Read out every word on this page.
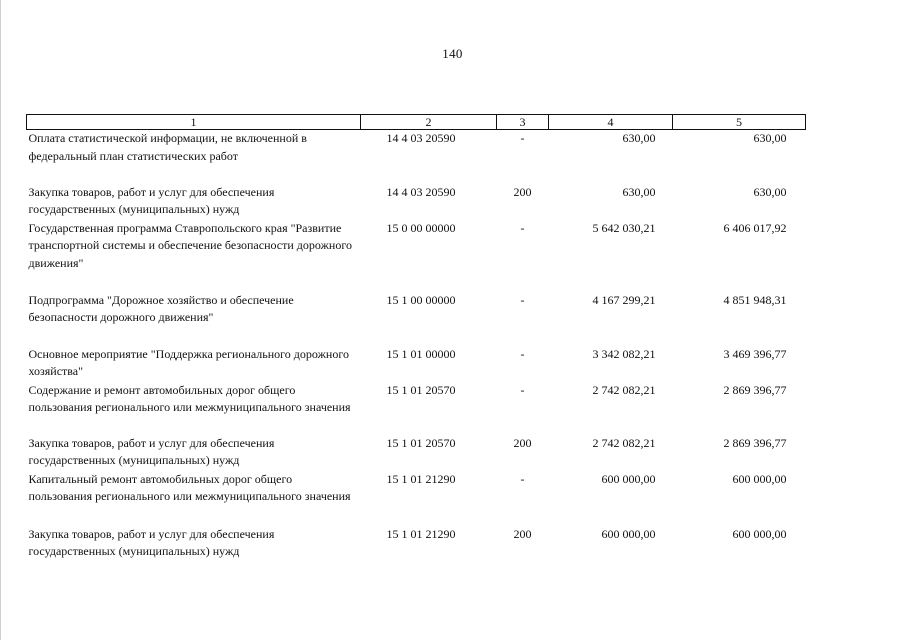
140
1	2	3	4	5
Оплата статистической информации, не включенной в федеральный план статистических работ	14 4 03 20590	-	630,00	630,00
Закупка товаров, работ и услуг для обеспечения государственных (муниципальных) нужд	14 4 03 20590	200	630,00	630,00
Государственная программа Ставропольского края "Развитие транспортной системы и обеспечение безопасности дорожного движения"	15 0 00 00000	-	5 642 030,21	6 406 017,92
Подпрограмма "Дорожное хозяйство и обеспечение безопасности дорожного движения"	15 1 00 00000	-	4 167 299,21	4 851 948,31
Основное мероприятие "Поддержка регионального дорожного хозяйства"	15 1 01 00000	-	3 342 082,21	3 469 396,77
Содержание и ремонт автомобильных дорог общего пользования регионального или межмуниципального значения	15 1 01 20570	-	2 742 082,21	2 869 396,77
Закупка товаров, работ и услуг для обеспечения государственных (муниципальных) нужд	15 1 01 20570	200	2 742 082,21	2 869 396,77
Капитальный ремонт автомобильных дорог общего пользования регионального или межмуниципального значения	15 1 01 21290	-	600 000,00	600 000,00
Закупка товаров, работ и услуг для обеспечения государственных (муниципальных) нужд	15 1 01 21290	200	600 000,00	600 000,00
